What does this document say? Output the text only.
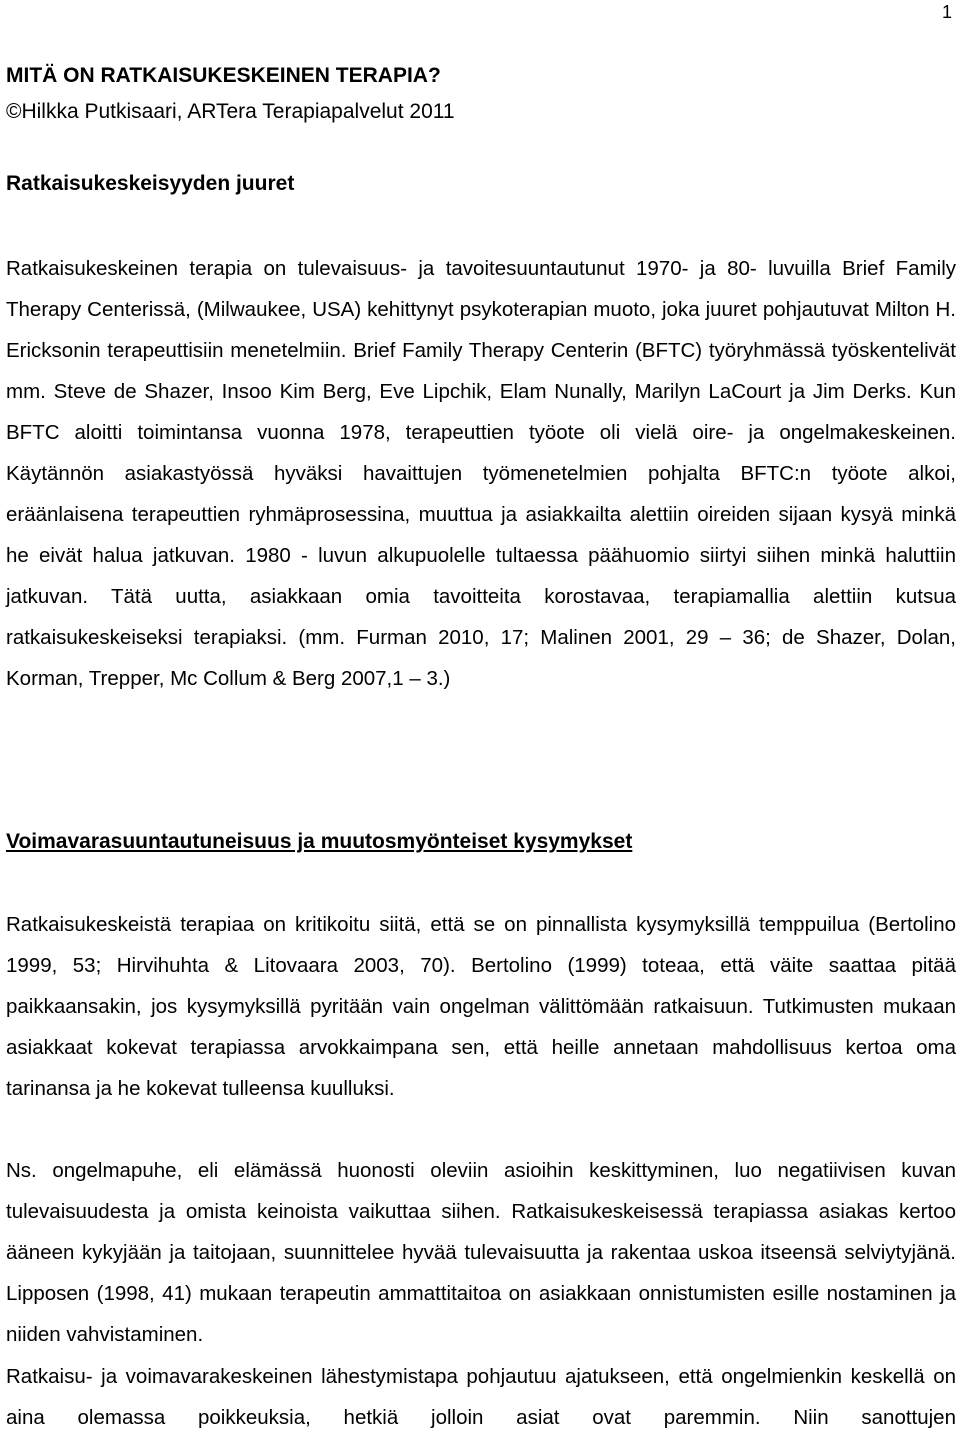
1
MITÄ ON RATKAISUKESKEINEN TERAPIA?
©Hilkka Putkisaari, ARTera Terapiapalvelut 2011
Ratkaisukeskeisyyden juuret

Ratkaisukeskeinen terapia on tulevaisuus- ja tavoitesuuntautunut 1970- ja 80- luvuilla Brief Family Therapy Centerissä, (Milwaukee, USA) kehittynyt psykoterapian muoto, joka juuret pohjautuvat Milton H. Ericksonin terapeuttisiin menetelmiin. Brief Family Therapy Centerin (BFTC) työryhmässä työskentelivät mm. Steve de Shazer, Insoo Kim Berg, Eve Lipchik, Elam Nunally, Marilyn LaCourt ja Jim Derks. Kun BFTC aloitti toimintansa vuonna 1978, terapeuttien työote oli vielä oire- ja ongelmakeskeinen. Käytännön asiakastyössä hyväksi havaittujen työmenetelmien pohjalta BFTC:n työote alkoi, eräänlaisena terapeuttien ryhmäprosessina, muuttua ja asiakkailta alettiin oireiden sijaan kysyä minkä he eivät halua jatkuvan. 1980 - luvun alkupuolelle tultaessa päähuomio siirtyi siihen minkä haluttiin jatkuvan. Tätä uutta, asiakkaan omia tavoitteita korostavaa, terapiamallia alettiin kutsua ratkaisukeskeiseksi terapiaksi. (mm. Furman 2010, 17; Malinen 2001, 29 – 36; de Shazer, Dolan, Korman, Trepper, Mc Collum & Berg 2007,1 – 3.)

Voimavarasuuntautuneisuus ja muutosmyönteiset kysymykset

Ratkaisukeskeistä terapiaa on kritikoitu siitä, että se on pinnallista kysymyksillä temppuilua (Bertolino 1999, 53; Hirvihuhta & Litovaara 2003, 70). Bertolino (1999) toteaa, että väite saattaa pitää paikkaansakin, jos kysymyksillä pyritään vain ongelman välittömään ratkaisuun. Tutkimusten mukaan asiakkaat kokevat terapiassa arvokkaimpana sen, että heille annetaan mahdollisuus kertoa oma tarinansa ja he kokevat tulleensa kuulluksi.

Ns. ongelmapuhe, eli elämässä huonosti oleviin asioihin keskittyminen, luo negatiivisen kuvan tulevaisuudesta ja omista keinoista vaikuttaa siihen. Ratkaisukeskeisessä terapiassa asiakas kertoo ääneen kykyjään ja taitojaan, suunnittelee hyvää tulevaisuutta ja rakentaa uskoa itseensä selviytyjänä. Lipposen (1998, 41) mukaan terapeutin ammattitaitoa on asiakkaan onnistumisten esille nostaminen ja niiden vahvistaminen.

Ratkaisu- ja voimavarakeskeinen lähestymistapa pohjautuu ajatukseen, että ongelmienkin keskellä on aina olemassa poikkeuksia, hetkiä jolloin asiat ovat paremmin. Niin sanottujen
